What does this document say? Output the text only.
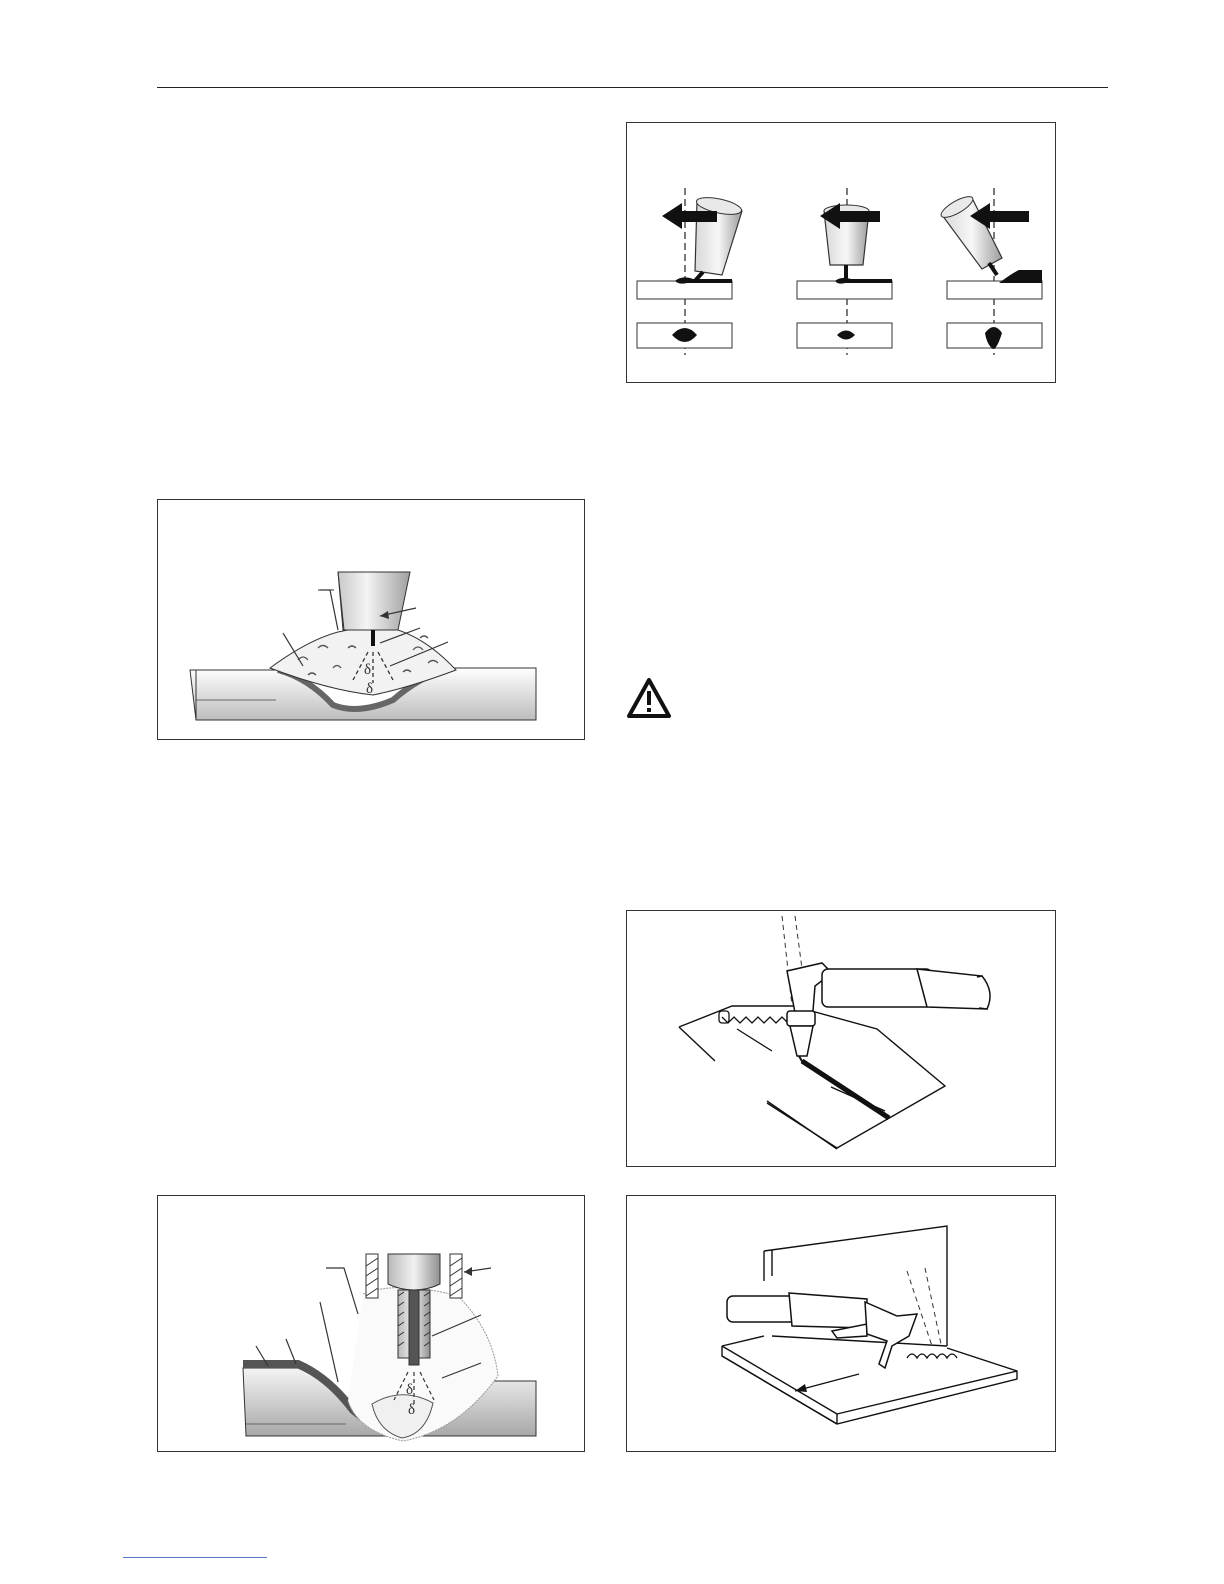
δ
δ
δ
δ
